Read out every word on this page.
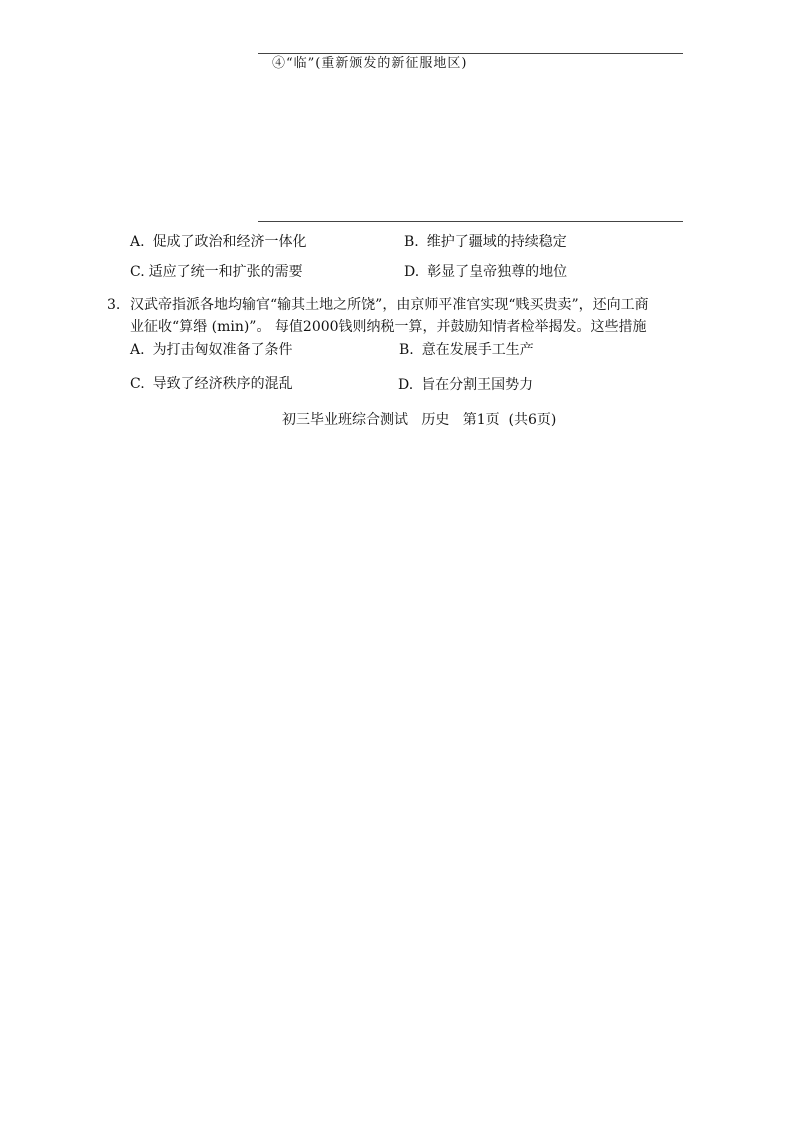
④“临”(重新颁发的新征服地区)
A. 促成了政治和经济一体化	B. 维护了疆域的持续稳定
C. 适应了统一和扩张的需要	D. 彰显了皇帝独尊的地位
3. 汉武帝指派各地均输官“输其土地之所饶”，由京师平准官实现“贱买贵卖”，还向工商
业征收“算缗 (min)”。 每值2000钱则纳税一算，并鼓励知情者检举揭发。这些措施
A. 为打击匈奴准备了条件	B. 意在发展手工生产
C. 导致了经济秩序的混乱	D. 旨在分割王国势力
初三毕业班综合测试   历史   第1页  (共6页)
